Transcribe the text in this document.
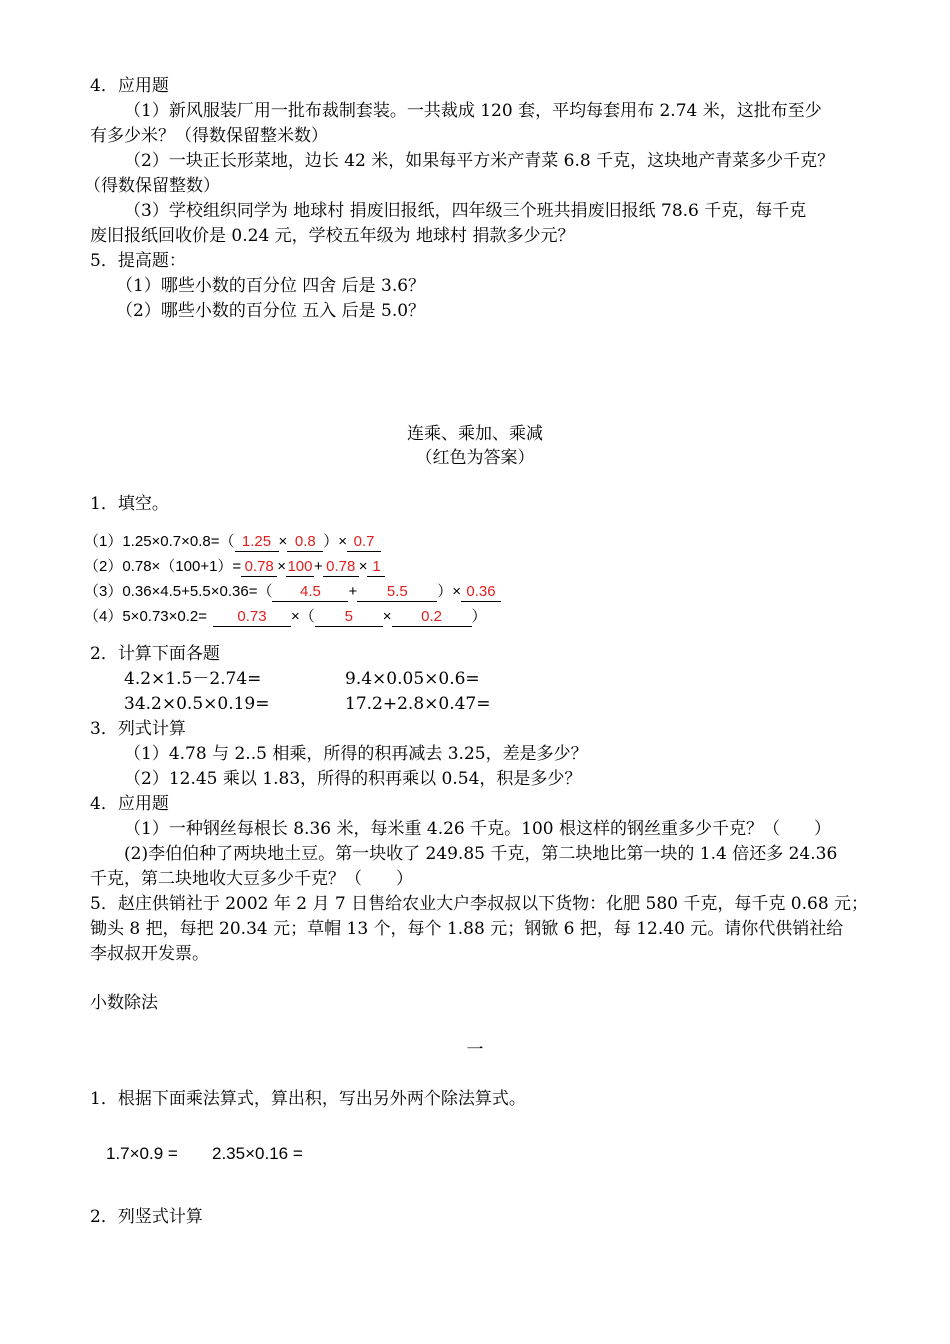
4．应用题
（1）新风服装厂用一批布裁制套装。一共裁成 120 套，平均每套用布 2.74 米，这批布至少
有多少米？（得数保留整米数）
（2）一块正长形菜地，边长 42 米，如果每平方米产青菜 6.8 千克，这块地产青菜多少千克？
（得数保留整数）
（3）学校组织同学为 地球村 捐废旧报纸，四年级三个班共捐废旧报纸 78.6 千克，每千克
废旧报纸回收价是 0.24 元，学校五年级为 地球村 捐款多少元？
5．提高题：
（1）哪些小数的百分位 四舍 后是 3.6？
（2）哪些小数的百分位 五入 后是 5.0？
连乘、乘加、乘减
（红色为答案）
1．填空。
（1）1.25×0.7×0.8=（ 1.25 × 0.8 ）× 0.7
（2）0.78×（100+1）= 0.78 ×100+ 0.78 × 1
（3）0.36×4.5+5.5×0.36=（ 4.5 + 5.5 ）× 0.36
（4）5×0.73×0.2= 0.73 ×（ 5 × 0.2 ）
2．计算下面各题
4.2×1.5－2.74=	9.4×0.05×0.6=
34.2×0.5×0.19=	17.2+2.8×0.47=
3．列式计算
（1）4.78 与 2..5 相乘，所得的积再减去 3.25，差是多少？
（2）12.45 乘以 1.83，所得的积再乘以 0.54，积是多少？
4．应用题
（1）一种钢丝每根长 8.36 米，每米重 4.26 千克。100 根这样的钢丝重多少千克？（　　）
(2)李伯伯种了两块地土豆。第一块收了 249.85 千克，第二块地比第一块的 1.4 倍还多 24.36
千克，第二块地收大豆多少千克？（　　）
5．赵庄供销社于 2002 年 2 月 7 日售给农业大户李叔叔以下货物：化肥 580 千克，每千克 0.68 元；
锄头 8 把，每把 20.34 元；草帽 13 个，每个 1.88 元；钢锨 6 把，每 12.40 元。请你代供销社给
李叔叔开发票。
小数除法
一
1．根据下面乘法算式，算出积，写出另外两个除法算式。
1.7×0.9 = 2.35×0.16 =
2．列竖式计算
